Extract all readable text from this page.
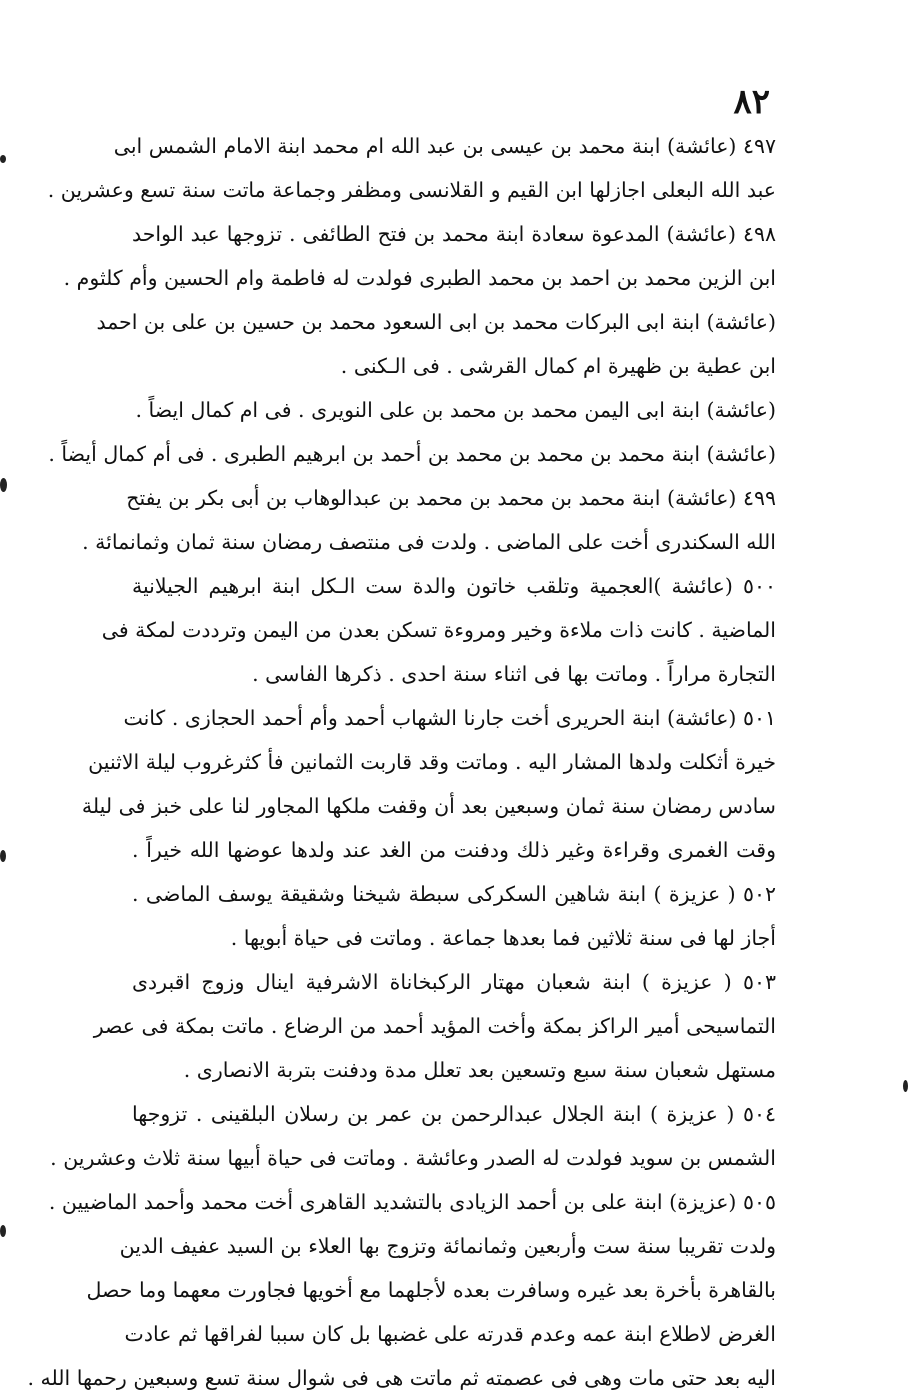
٨٢
٤٩٧ (عائشة) ابنة محمد بن عيسى بن عبد الله ام محمد ابنة الامام الشمس ابى
عبد الله البعلى اجازلها ابن القيم و القلانسى ومظفر وجماعة ماتت سنة تسع وعشرين .
٤٩٨ (عائشة) المدعوة سعادة ابنة محمد بن فتح الطائفى . تزوجها عبد الواحد
ابن الزين محمد بن احمد بن محمد الطبرى فولدت له فاطمة وام الحسين وأم كلثوم .
(عائشة) ابنة ابى البركات محمد بن ابى السعود محمد بن حسين بن على بن احمد
ابن عطية بن ظهيرة ام كمال القرشى . فى الـكنى .
(عائشة) ابنة ابى اليمن محمد بن محمد بن على النويرى . فى ام كمال ايضاً .
(عائشة) ابنة محمد بن محمد بن محمد بن أحمد بن ابرهيم الطبرى . فى أم كمال أيضاً .
٤٩٩ (عائشة) ابنة محمد بن محمد بن محمد بن عبدالوهاب بن أبى بكر بن يفتح
الله السكندرى أخت على الماضى . ولدت فى منتصف رمضان سنة ثمان وثمانمائة .
٥٠٠ (عائشة )العجمية وتلقب خاتون والدة ست الـكل ابنة ابرهيم الجيلانية
الماضية . كانت ذات ملاءة وخير ومروءة تسكن بعدن من اليمن وترددت لمكة فى
التجارة مراراً . وماتت بها فى اثناء سنة احدى . ذكرها الفاسى .
٥٠١ (عائشة) ابنة الحريرى أخت جارنا الشهاب أحمد وأم أحمد الحجازى . كانت
خيرة أثكلت ولدها المشار اليه . وماتت وقد قاربت الثمانين فأ كثرغروب ليلة الاثنين
سادس رمضان سنة ثمان وسبعين بعد أن وقفت ملكها المجاور لنا على خبز فى ليلة
وقت الغمرى وقراءة وغير ذلك ودفنت من الغد عند ولدها عوضها الله خيراً .
٥٠٢ ( عزيزة ) ابنة شاهين السكركى سبطة شيخنا وشقيقة يوسف الماضى .
أجاز لها فى سنة ثلاثين فما بعدها جماعة . وماتت فى حياة أبويها .
٥٠٣ ( عزيزة ) ابنة شعبان مهتار الركبخاناة الاشرفية اينال وزوج اقبردى
التماسيحى أمير الراكز بمكة وأخت المؤيد أحمد من الرضاع . ماتت بمكة فى عصر
مستهل شعبان سنة سبع وتسعين بعد تعلل مدة ودفنت بتربة الانصارى .
٥٠٤ ( عزيزة ) ابنة الجلال عبدالرحمن بن عمر بن رسلان البلقينى . تزوجها
الشمس بن سويد فولدت له الصدر وعائشة . وماتت فى حياة أبيها سنة ثلاث وعشرين .
٥٠٥ (عزيزة) ابنة على بن أحمد الزيادى بالتشديد القاهرى أخت محمد وأحمد الماضيين .
ولدت تقريبا سنة ست وأربعين وثمانمائة وتزوج بها العلاء بن السيد عفيف الدين
بالقاهرة بأخرة بعد غيره وسافرت بعده لأجلهما مع أخويها فجاورت معهما وما حصل
الغرض لاطلاع ابنة عمه وعدم قدرته على غضبها بل كان سببا لفراقها ثم عادت
اليه بعد حتى مات وهى فى عصمته ثم ماتت هى فى شوال سنة تسع وسبعين رحمها الله .
